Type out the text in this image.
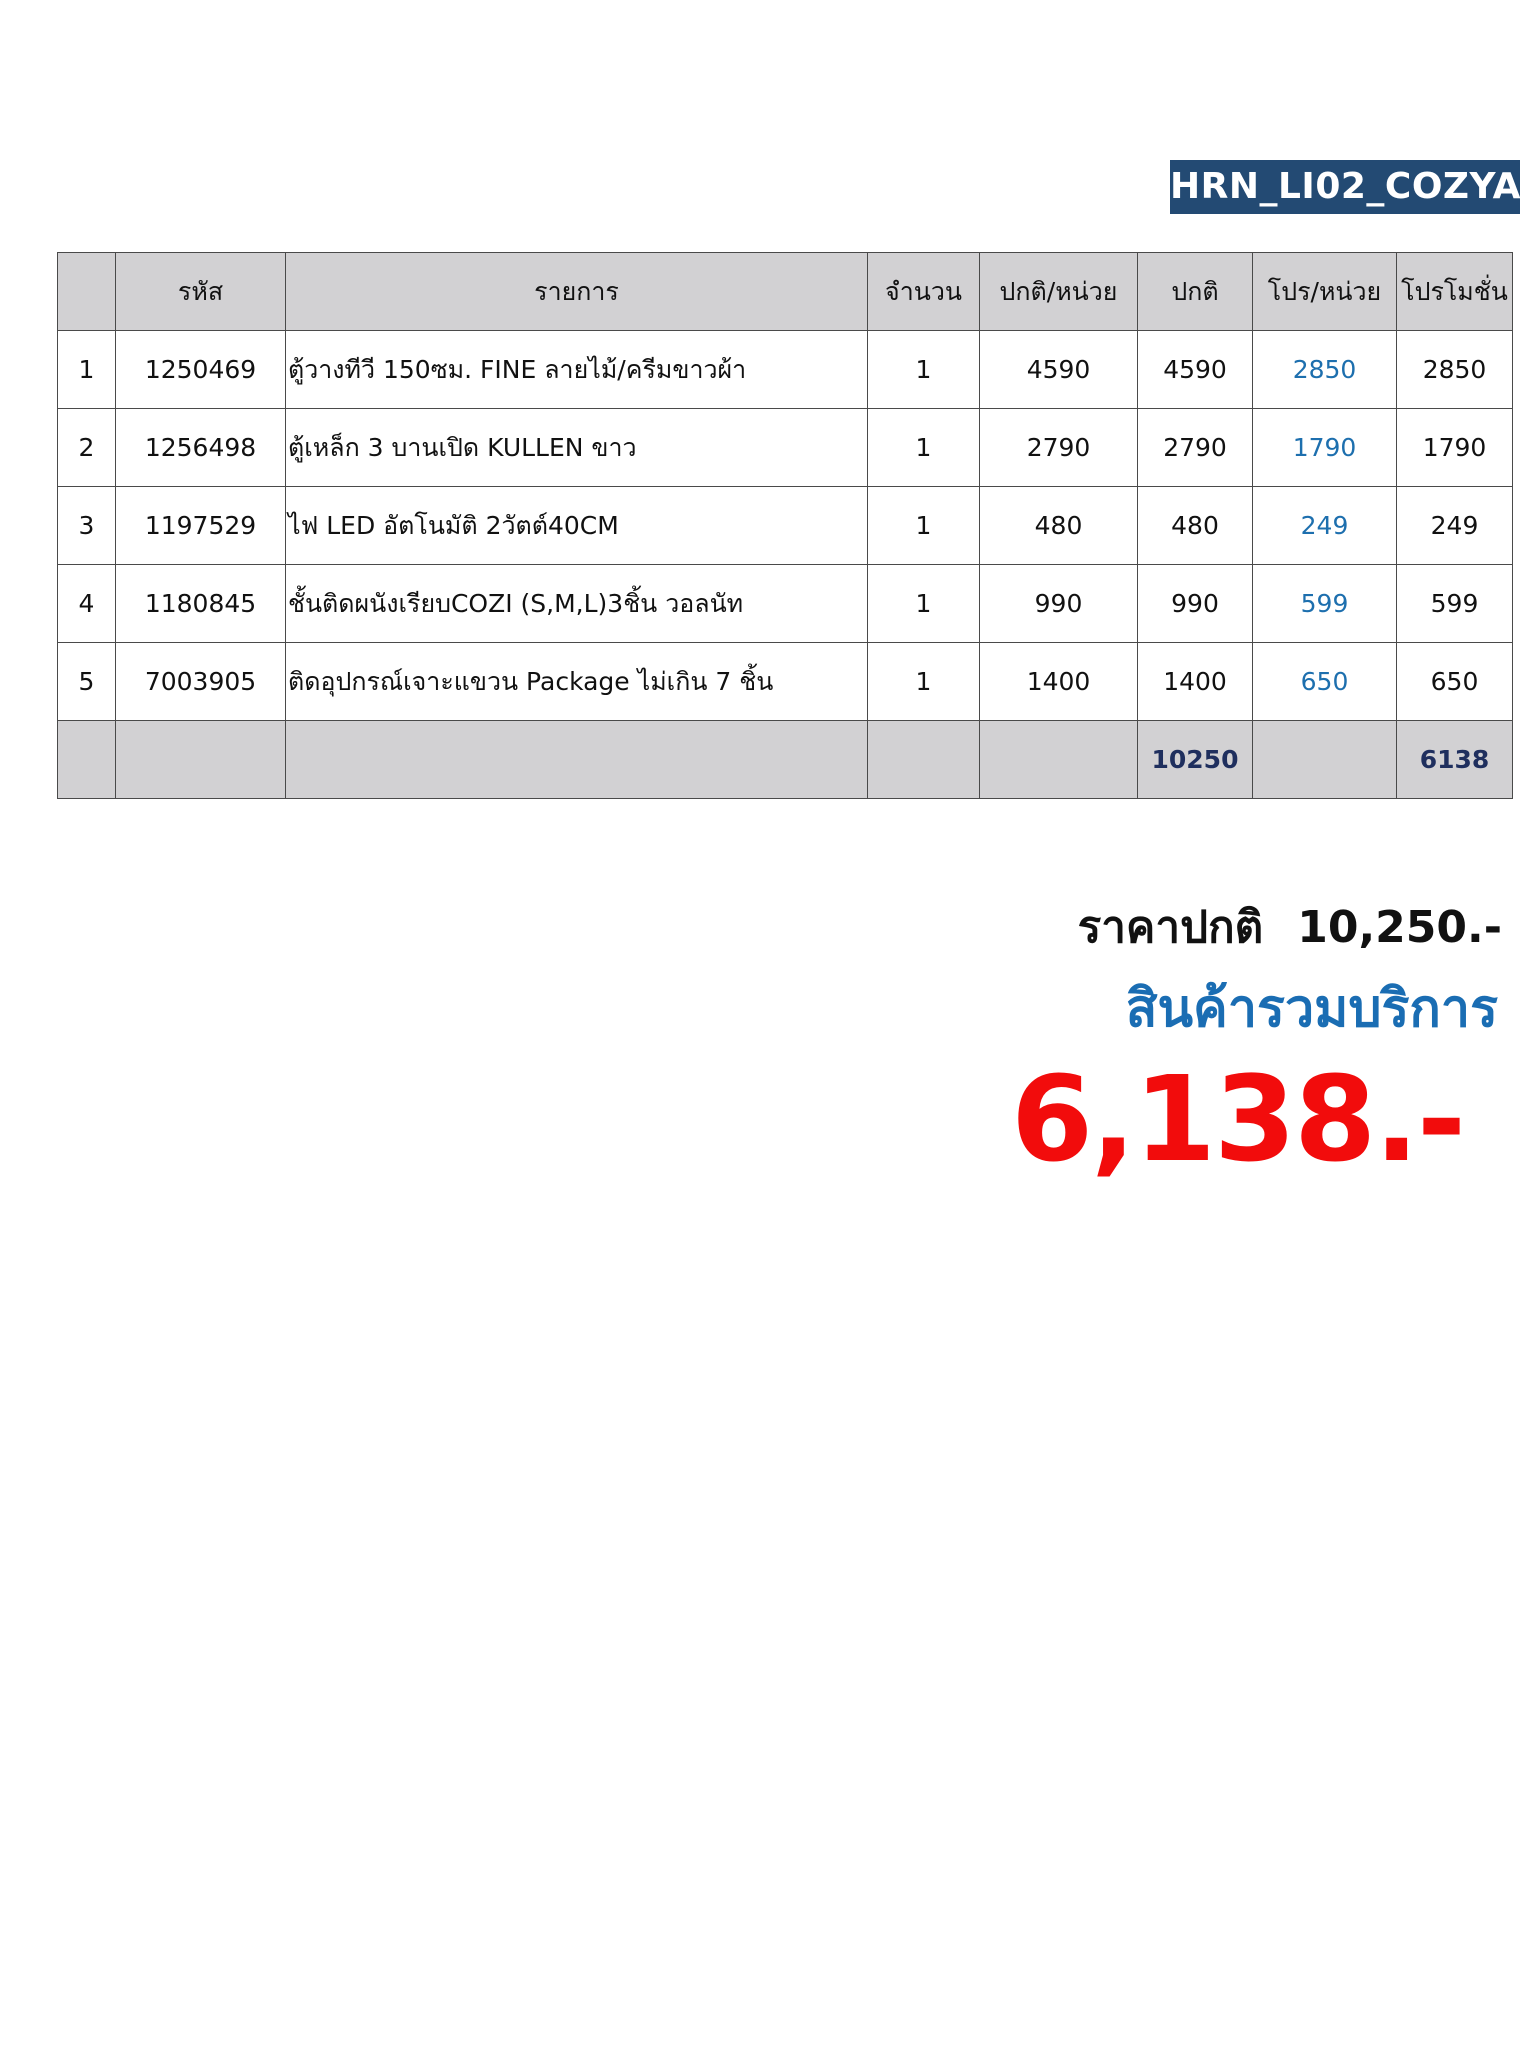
HRN_LI02_COZYA
	รหัส	รายการ	จำนวน	ปกติ/หน่วย	ปกติ	โปร/หน่วย	โปรโมชั่น
1	1250469	ตู้วางทีวี 150ซม. FINE ลายไม้/ครีมขาวผ้า	1	4590	4590	2850	2850
2	1256498	ตู้เหล็ก 3 บานเปิด KULLEN ขาว	1	2790	2790	1790	1790
3	1197529	ไฟ LED อัตโนมัติ 2วัตต์40CM	1	480	480	249	249
4	1180845	ชั้นติดผนังเรียบCOZI (S,M,L)3ชิ้น วอลนัท	1	990	990	599	599
5	7003905	ติดอุปกรณ์เจาะแขวน Package ไม่เกิน 7 ชิ้น	1	1400	1400	650	650
					10250		6138
ราคาปกติ 10,250.-
สินค้ารวมบริการ
6,138.-
